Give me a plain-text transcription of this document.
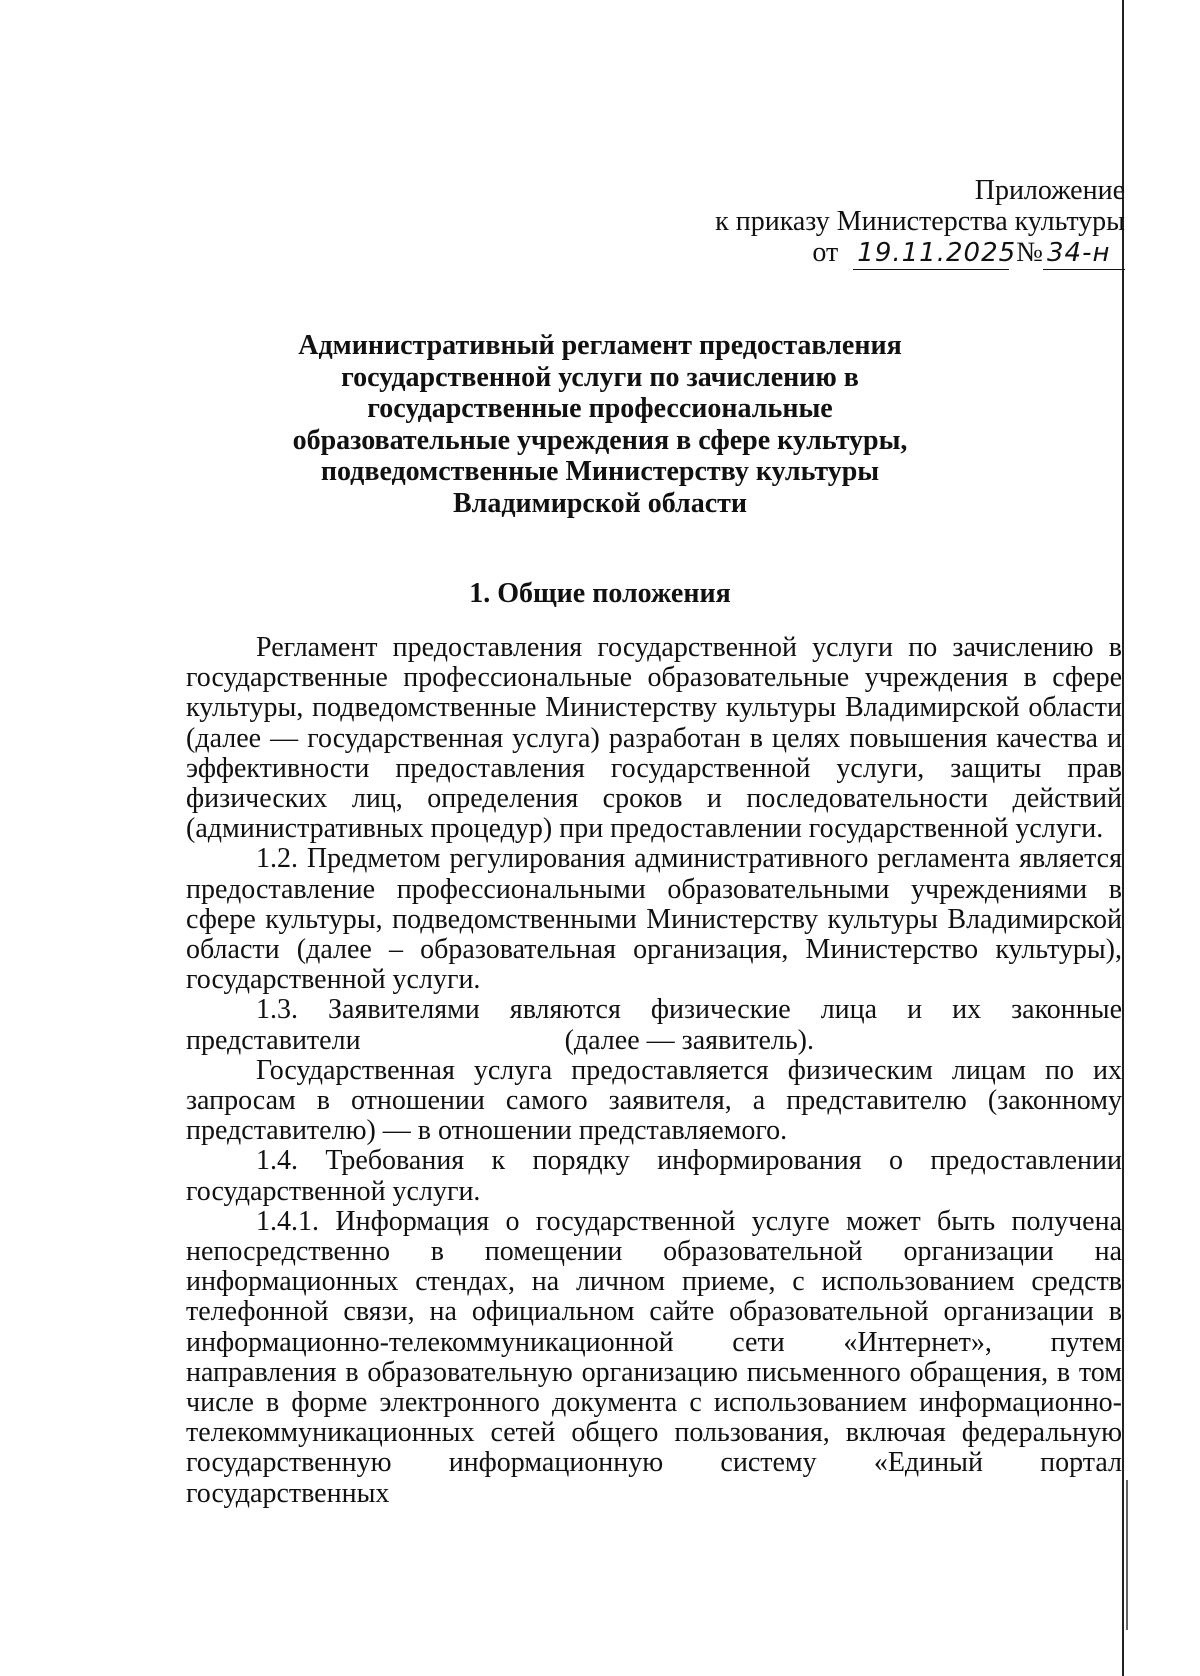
Приложение
к приказу Министерства культуры
от 19.11.2025 № 34-н
Административный регламент предоставления
государственной услуги по зачислению в
государственные профессиональные
образовательные учреждения в сфере культуры,
подведомственные Министерству культуры
Владимирской области
1. Общие положения

Регламент предоставления государственной услуги по зачислению в государственные профессиональные образовательные учреждения в сфере культуры, подведомственные Министерству культуры Владимирской области (далее — государственная услуга) разработан в целях повышения качества и эффективности предоставления государственной услуги, защиты прав физических лиц, определения сроков и последовательности действий (административных процедур) при предоставлении государственной услуги.

1.2. Предметом регулирования административного регламента является предоставление профессиональными образовательными учреждениями в сфере культуры, подведомственными Министерству культуры Владимирской области (далее – образовательная организация, Министерство культуры), государственной услуги.

1.3. Заявителями являются физические лица и их законные представители	(далее — заявитель).

Государственная услуга предоставляется физическим лицам по их запросам в отношении самого заявителя, а представителю (законному представителю) — в отношении представляемого.

1.4. Требования к порядку информирования о предоставлении государственной услуги.

1.4.1. Информация о государственной услуге может быть получена непосредственно в помещении образовательной организации на информационных стендах, на личном приеме, с использованием средств телефонной связи, на официальном сайте образовательной организации в информационно-телекоммуникационной сети «Интернет», путем направления в образовательную организацию письменного обращения, в том числе в форме электронного документа с использованием информационно-телекоммуникационных сетей общего пользования, включая федеральную государственную информационную систему «Единый портал государственных
